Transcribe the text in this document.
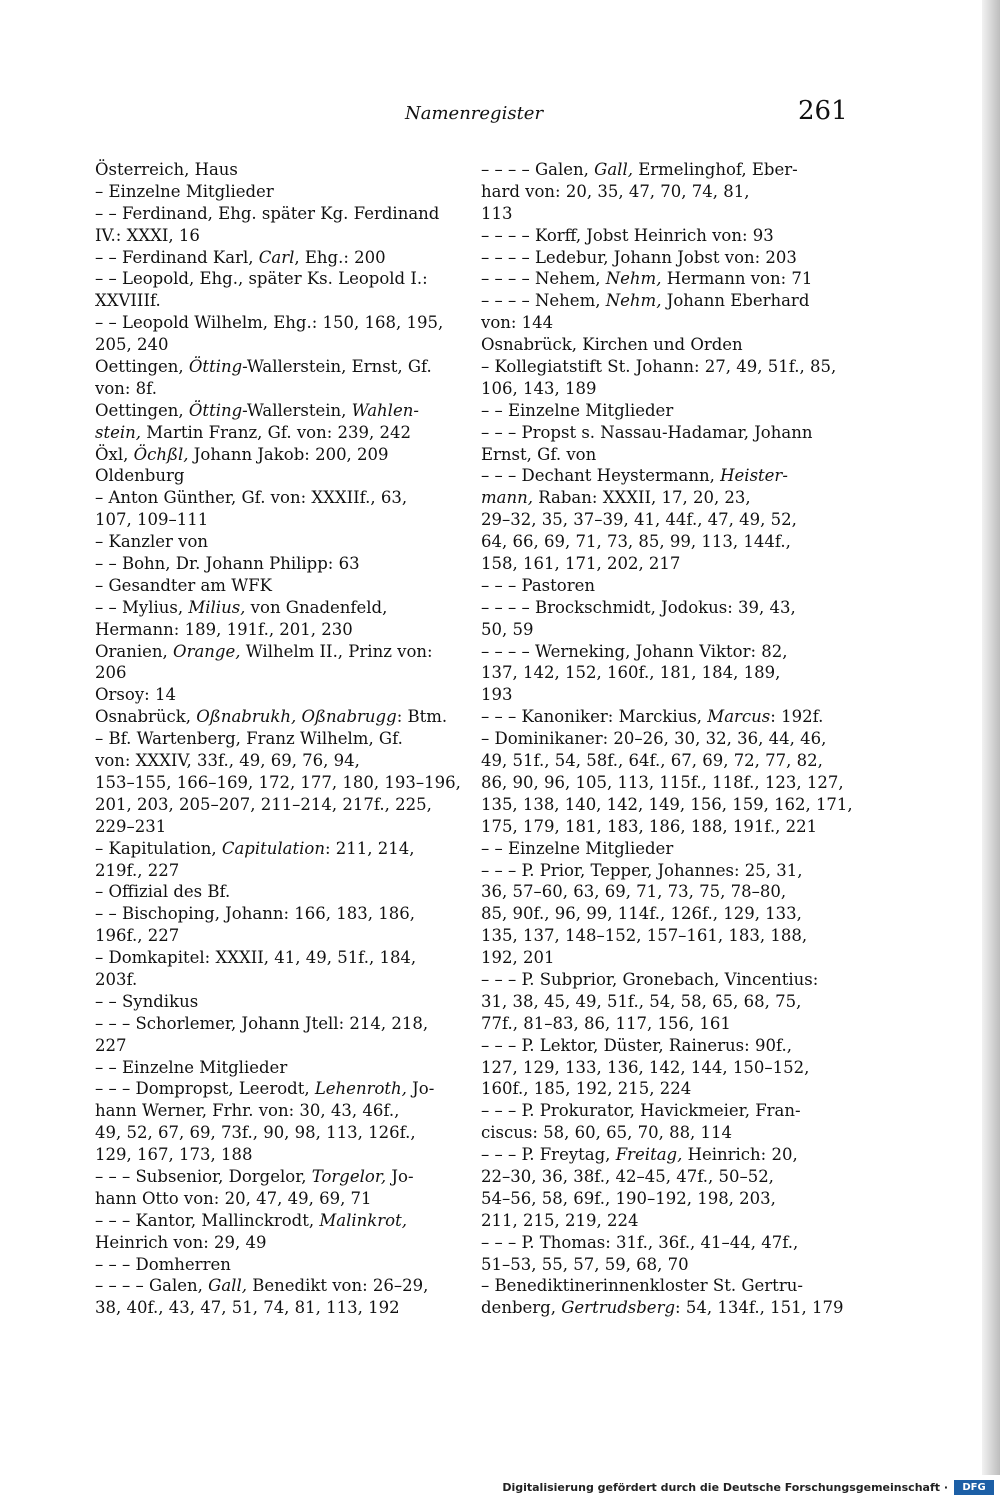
Namenregister	261
Österreich, Haus
– Einzelne Mitglieder
– – Ferdinand, Ehg. später Kg. Ferdinand
IV.: XXXI, 16
– – Ferdinand Karl, Carl, Ehg.: 200
– – Leopold, Ehg., später Ks. Leopold I.:
XXVIIIf.
– – Leopold Wilhelm, Ehg.: 150, 168, 195,
205, 240
Oettingen, Ötting-Wallerstein, Ernst, Gf.
von: 8f.
Oettingen, Ötting-Wallerstein, Wahlen-
stein, Martin Franz, Gf. von: 239, 242
Öxl, Öchßl, Johann Jakob: 200, 209
Oldenburg
– Anton Günther, Gf. von: XXXIIf., 63,
107, 109–111
– Kanzler von
– – Bohn, Dr. Johann Philipp: 63
– Gesandter am WFK
– – Mylius, Milius, von Gnadenfeld,
Hermann: 189, 191f., 201, 230
Oranien, Orange, Wilhelm II., Prinz von:
206
Orsoy: 14
Osnabrück, Oßnabrukh, Oßnabrugg: Btm.
– Bf. Wartenberg, Franz Wilhelm, Gf.
von: XXXIV, 33f., 49, 69, 76, 94,
153–155, 166–169, 172, 177, 180, 193–196,
201, 203, 205–207, 211–214, 217f., 225,
229–231
– Kapitulation, Capitulation: 211, 214,
219f., 227
– Offizial des Bf.
– – Bischoping, Johann: 166, 183, 186,
196f., 227
– Domkapitel: XXXII, 41, 49, 51f., 184,
203f.
– – Syndikus
– – – Schorlemer, Johann Jtell: 214, 218,
227
– – Einzelne Mitglieder
– – – Dompropst, Leerodt, Lehenroth, Jo-
hann Werner, Frhr. von: 30, 43, 46f.,
49, 52, 67, 69, 73f., 90, 98, 113, 126f.,
129, 167, 173, 188
– – – Subsenior, Dorgelor, Torgelor, Jo-
hann Otto von: 20, 47, 49, 69, 71
– – – Kantor, Mallinckrodt, Malinkrot,
Heinrich von: 29, 49
– – – Domherren
– – – – Galen, Gall, Benedikt von: 26–29,
38, 40f., 43, 47, 51, 74, 81, 113, 192
– – – – Galen, Gall, Ermelinghof, Eber-
hard von: 20, 35, 47, 70, 74, 81,
113
– – – – Korff, Jobst Heinrich von: 93
– – – – Ledebur, Johann Jobst von: 203
– – – – Nehem, Nehm, Hermann von: 71
– – – – Nehem, Nehm, Johann Eberhard
von: 144
Osnabrück, Kirchen und Orden
– Kollegiatstift St. Johann: 27, 49, 51f., 85,
106, 143, 189
– – Einzelne Mitglieder
– – – Propst s. Nassau-Hadamar, Johann
Ernst, Gf. von
– – – Dechant Heystermann, Heister-
mann, Raban: XXXII, 17, 20, 23,
29–32, 35, 37–39, 41, 44f., 47, 49, 52,
64, 66, 69, 71, 73, 85, 99, 113, 144f.,
158, 161, 171, 202, 217
– – – Pastoren
– – – – Brockschmidt, Jodokus: 39, 43,
50, 59
– – – – Werneking, Johann Viktor: 82,
137, 142, 152, 160f., 181, 184, 189,
193
– – – Kanoniker: Marckius, Marcus: 192f.
– Dominikaner: 20–26, 30, 32, 36, 44, 46,
49, 51f., 54, 58f., 64f., 67, 69, 72, 77, 82,
86, 90, 96, 105, 113, 115f., 118f., 123, 127,
135, 138, 140, 142, 149, 156, 159, 162, 171,
175, 179, 181, 183, 186, 188, 191f., 221
– – Einzelne Mitglieder
– – – P. Prior, Tepper, Johannes: 25, 31,
36, 57–60, 63, 69, 71, 73, 75, 78–80,
85, 90f., 96, 99, 114f., 126f., 129, 133,
135, 137, 148–152, 157–161, 183, 188,
192, 201
– – – P. Subprior, Gronebach, Vincentius:
31, 38, 45, 49, 51f., 54, 58, 65, 68, 75,
77f., 81–83, 86, 117, 156, 161
– – – P. Lektor, Düster, Rainerus: 90f.,
127, 129, 133, 136, 142, 144, 150–152,
160f., 185, 192, 215, 224
– – – P. Prokurator, Havickmeier, Fran-
ciscus: 58, 60, 65, 70, 88, 114
– – – P. Freytag, Freitag, Heinrich: 20,
22–30, 36, 38f., 42–45, 47f., 50–52,
54–56, 58, 69f., 190–192, 198, 203,
211, 215, 219, 224
– – – P. Thomas: 31f., 36f., 41–44, 47f.,
51–53, 55, 57, 59, 68, 70
– Benediktinerinnenkloster St. Gertru-
denberg, Gertrudsberg: 54, 134f., 151, 179
Digitalisierung gefördert durch die Deutsche Forschungsgemeinschaft ·	DFG
